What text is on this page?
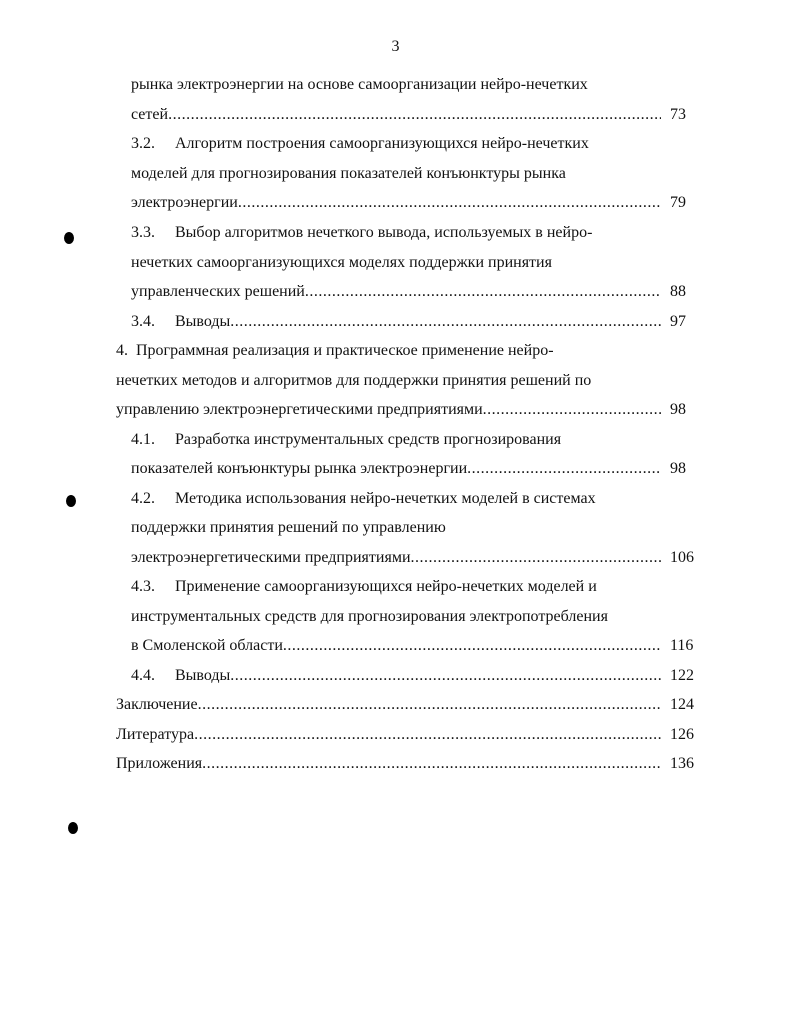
3
рынка электроэнергии на основе самоорганизации нейро-нечетких
сетей .....	73
3.2. Алгоритм построения самоорганизующихся нейро-нечетких
моделей для прогнозирования показателей конъюнктуры рынка
электроэнергии .....	79
3.3. Выбор алгоритмов нечеткого вывода, используемых в нейро-
нечетких самоорганизующихся моделях поддержки принятия
управленческих решений .....	88
3.4. Выводы .....	97
4. Программная реализация и практическое применение нейро-
нечетких методов и алгоритмов для поддержки принятия решений по
управлению электроэнергетическими предприятиями .....	98
4.1. Разработка инструментальных средств прогнозирования
показателей конъюнктуры рынка электроэнергии .....	98
4.2. Методика использования нейро-нечетких моделей в системах
поддержки принятия решений по управлению
электроэнергетическими предприятиями .....	106
4.3. Применение самоорганизующихся нейро-нечетких моделей и
инструментальных средств для прогнозирования электропотребления
в Смоленской области .....	116
4.4. Выводы .....	122
Заключение .....	124
Литература .....	126
Приложения .....	136
